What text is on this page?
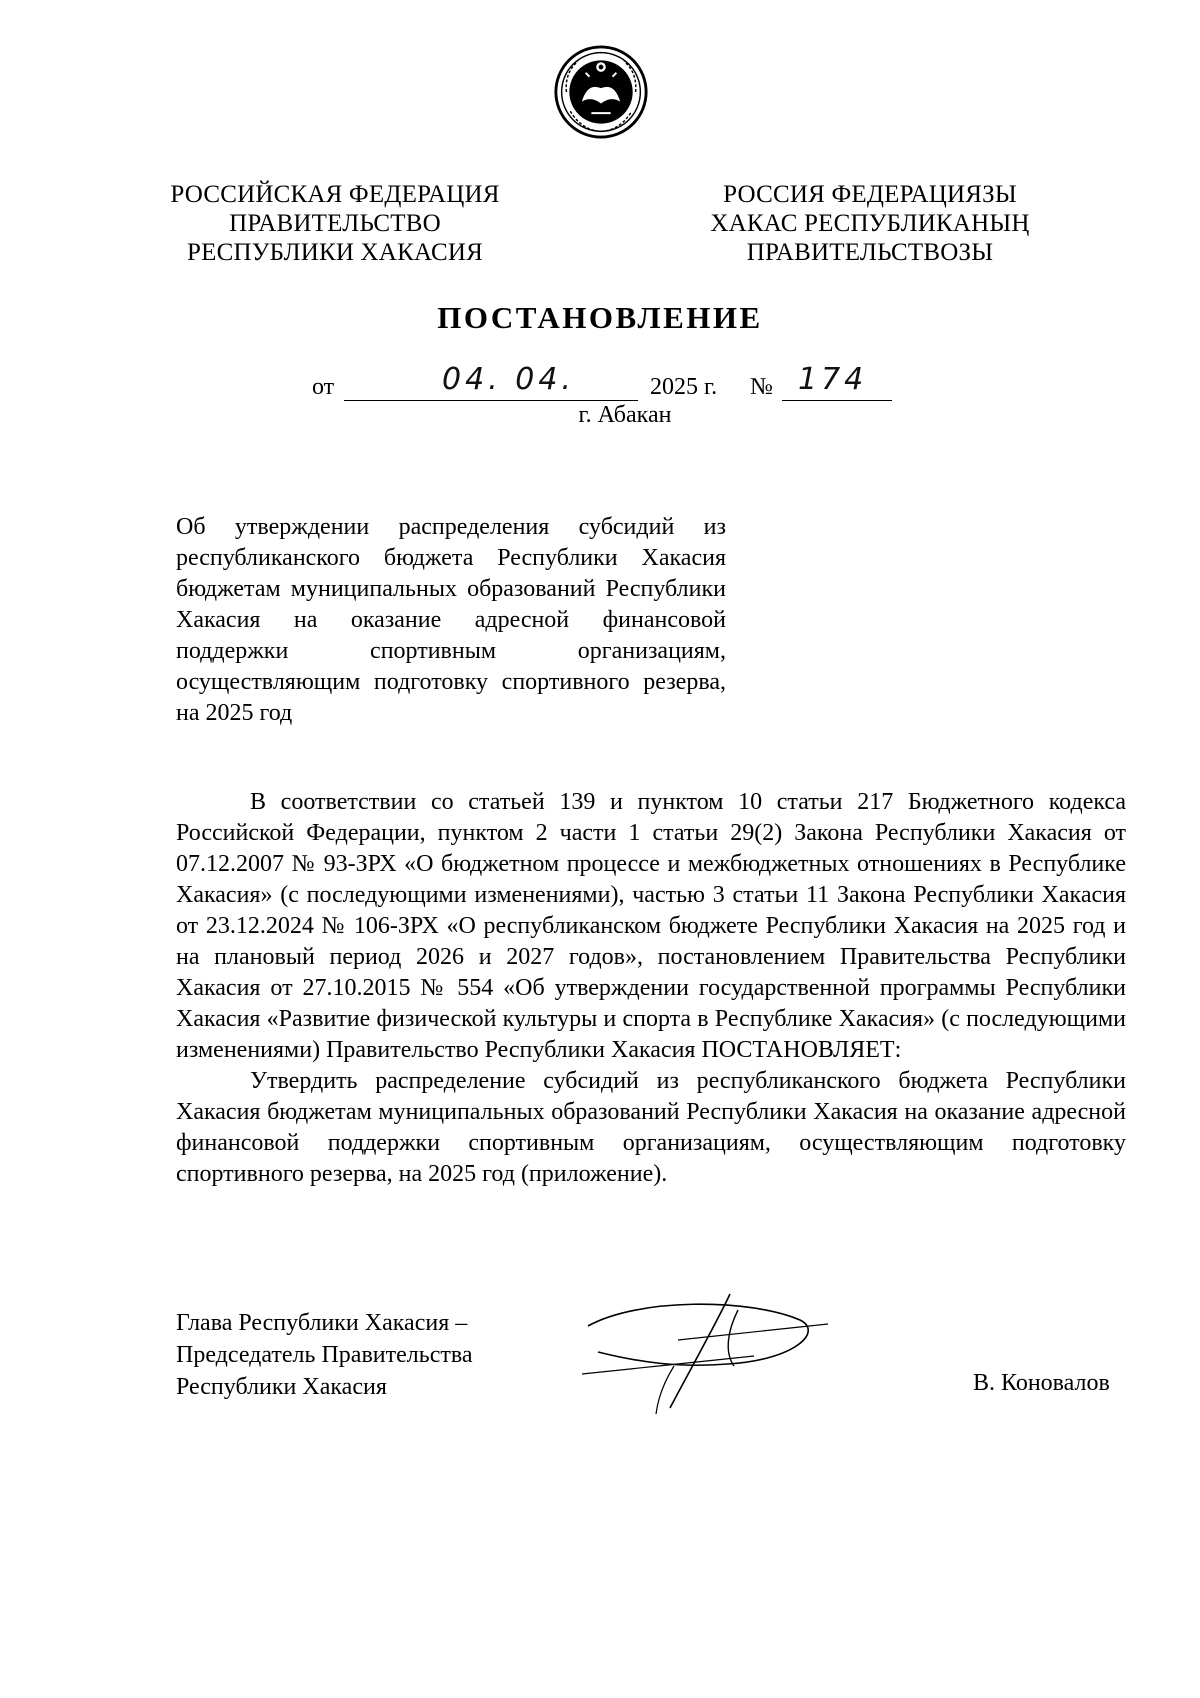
РОССИЙСКАЯ ФЕДЕРАЦИЯ
ПРАВИТЕЛЬСТВО
РЕСПУБЛИКИ ХАКАСИЯ
РОССИЯ ФЕДЕРАЦИЯЗЫ
ХАКАС РЕСПУБЛИКАНЫҢ
ПРАВИТЕЛЬСТВОЗЫ
ПОСТАНОВЛЕНИЕ
от	04. 04.	2025 г. № 174
г. Абакан
Об утверждении распределения субсидий из республиканского бюджета Республики Хакасия бюджетам муниципальных образований Республики Хакасия на оказание адресной финансовой поддержки спортивным организациям, осуществляющим подготовку спортивного резерва, на 2025 год

В соответствии со статьей 139 и пунктом 10 статьи 217 Бюджетного кодекса Российской Федерации, пунктом 2 части 1 статьи 29(2) Закона Республики Хакасия от 07.12.2007 № 93-ЗРХ «О бюджетном процессе и межбюджетных отношениях в Республике Хакасия» (с последующими изменениями), частью 3 статьи 11 Закона Республики Хакасия от 23.12.2024 № 106-ЗРХ «О республиканском бюджете Республики Хакасия на 2025 год и на плановый период 2026 и 2027 годов», постановлением Правительства Республики Хакасия от 27.10.2015 № 554 «Об утверждении государственной программы Республики Хакасия «Развитие физической культуры и спорта в Республике Хакасия» (с последующими изменениями) Правительство Республики Хакасия ПОСТАНОВЛЯЕТ:

Утвердить распределение субсидий из республиканского бюджета Республики Хакасия бюджетам муниципальных образований Республики Хакасия на оказание адресной финансовой поддержки спортивным организациям, осуществляющим подготовку спортивного резерва, на 2025 год (приложение).

Глава Республики Хакасия –
Председатель Правительства
Республики Хакасия	В. Коновалов
